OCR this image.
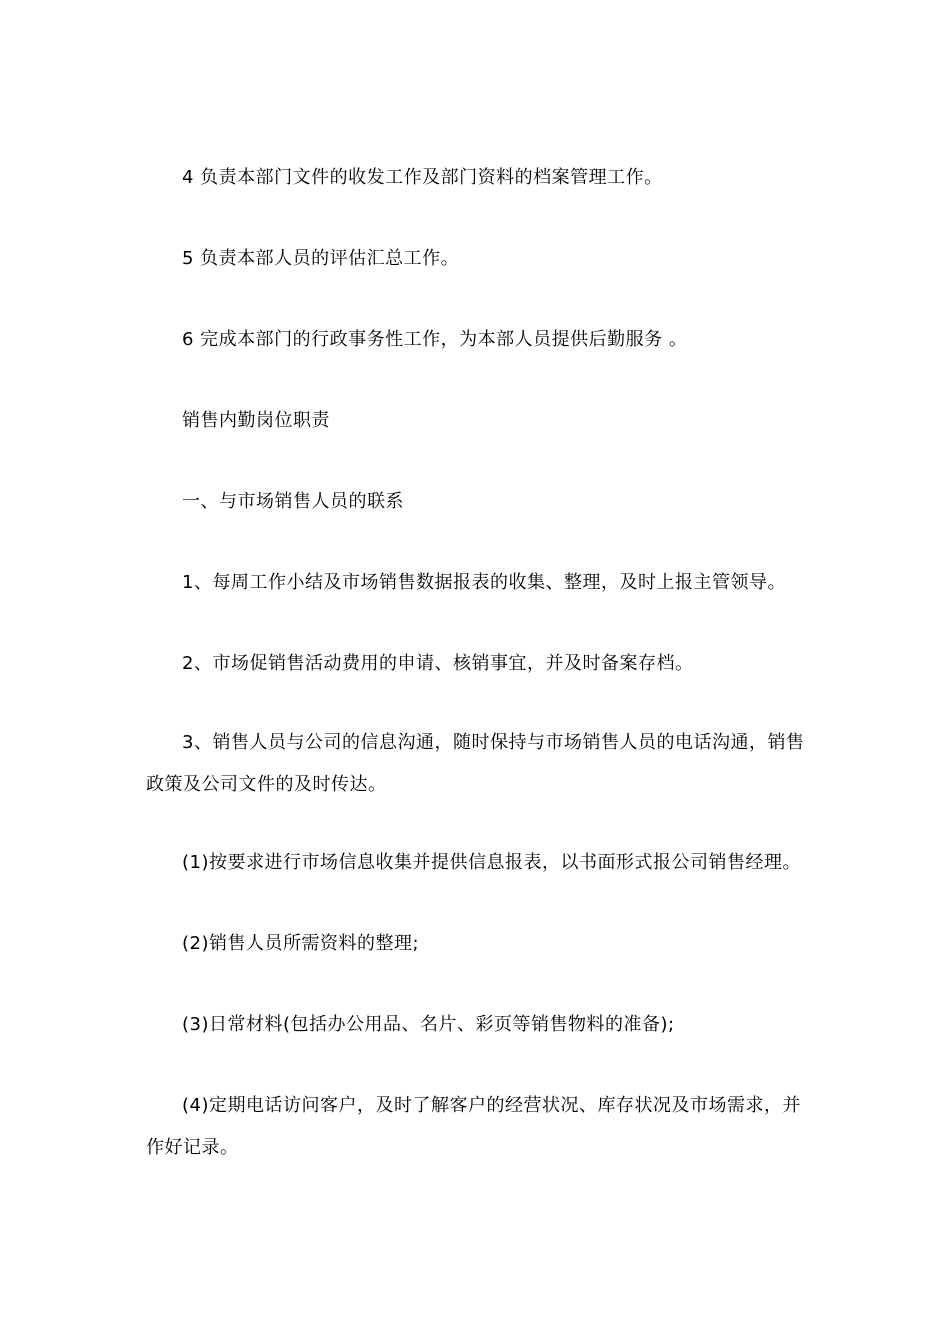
4 负责本部门文件的收发工作及部门资料的档案管理工作。

5 负责本部人员的评估汇总工作。

6 完成本部门的行政事务性工作，为本部人员提供后勤服务 。

销售内勤岗位职责

一、与市场销售人员的联系

1、每周工作小结及市场销售数据报表的收集、整理，及时上报主管领导。

2、市场促销售活动费用的申请、核销事宜，并及时备案存档。

3、销售人员与公司的信息沟通，随时保持与市场销售人员的电话沟通，销售政策及公司文件的及时传达。

(1)按要求进行市场信息收集并提供信息报表，以书面形式报公司销售经理。

(2)销售人员所需资料的整理;

(3)日常材料(包括办公用品、名片、彩页等销售物料的准备);

(4)定期电话访问客户，及时了解客户的经营状况、库存状况及市场需求，并作好记录。
